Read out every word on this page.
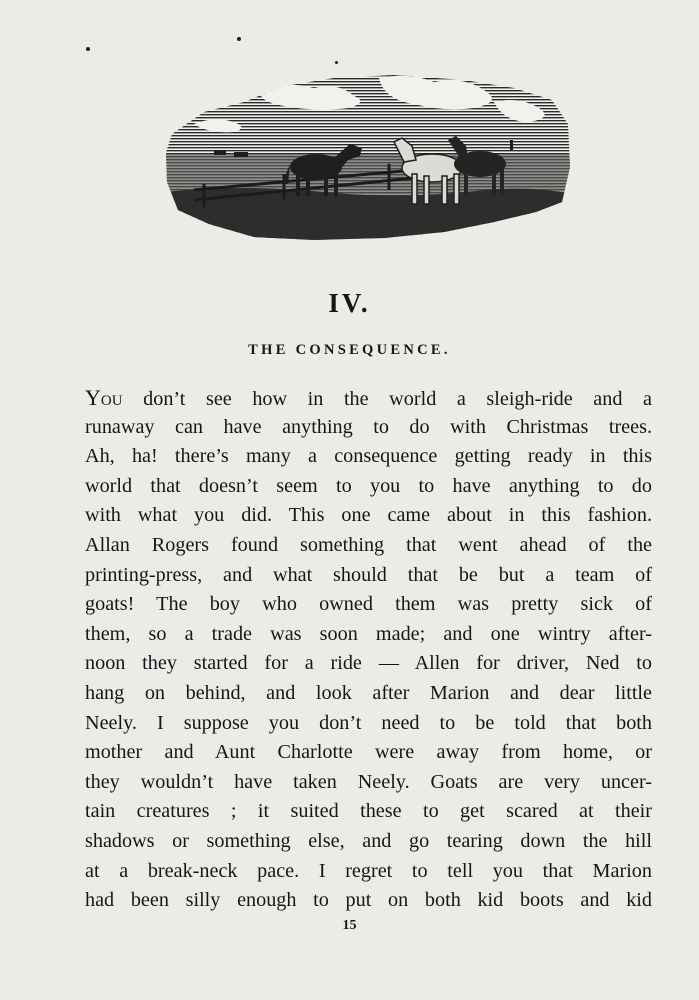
IV.
THE CONSEQUENCE.
You don’t see how in the world a sleigh-ride and a
runaway can have anything to do with Christmas trees.
Ah, ha! there’s many a consequence getting ready in this
world that doesn’t seem to you to have anything to do
with what you did. This one came about in this fashion.
Allan Rogers found something that went ahead of the
printing-press, and what should that be but a team of
goats! The boy who owned them was pretty sick of
them, so a trade was soon made; and one wintry after-
noon they started for a ride — Allen for driver, Ned to
hang on behind, and look after Marion and dear little
Neely. I suppose you don’t need to be told that both
mother and Aunt Charlotte were away from home, or
they wouldn’t have taken Neely. Goats are very uncer-
tain creatures ; it suited these to get scared at their
shadows or something else, and go tearing down the hill
at a break-neck pace. I regret to tell you that Marion
had been silly enough to put on both kid boots and kid
15
